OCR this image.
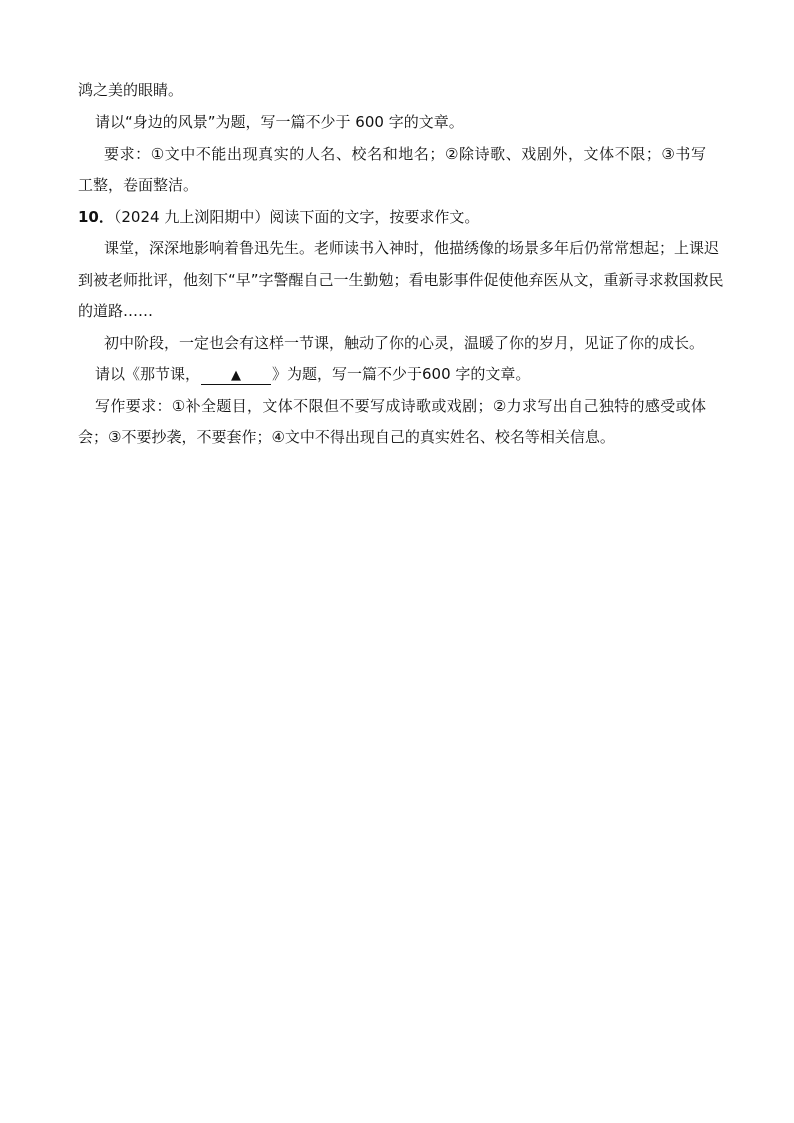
鸿之美的眼睛。
请以“身边的风景”为题，写一篇不少于 600 字的文章。
要求：①文中不能出现真实的人名、校名和地名；②除诗歌、戏剧外，文体不限；③书写
工整，卷面整洁。
10．（2024 九上浏阳期中）阅读下面的文字，按要求作文。
课堂，深深地影响着鲁迅先生。老师读书入神时，他描绣像的场景多年后仍常常想起；上课迟
到被老师批评，他刻下“早”字警醒自己一生勤勉；看电影事件促使他弃医从文，重新寻求救国救民
的道路……
初中阶段，一定也会有这样一节课，触动了你的心灵，温暖了你的岁月，见证了你的成长。
请以《那节课， ▲ 》为题，写一篇不少于600 字的文章。
写作要求：①补全题目，文体不限但不要写成诗歌或戏剧；②力求写出自己独特的感受或体
会；③不要抄袭，不要套作；④文中不得出现自己的真实姓名、校名等相关信息。
